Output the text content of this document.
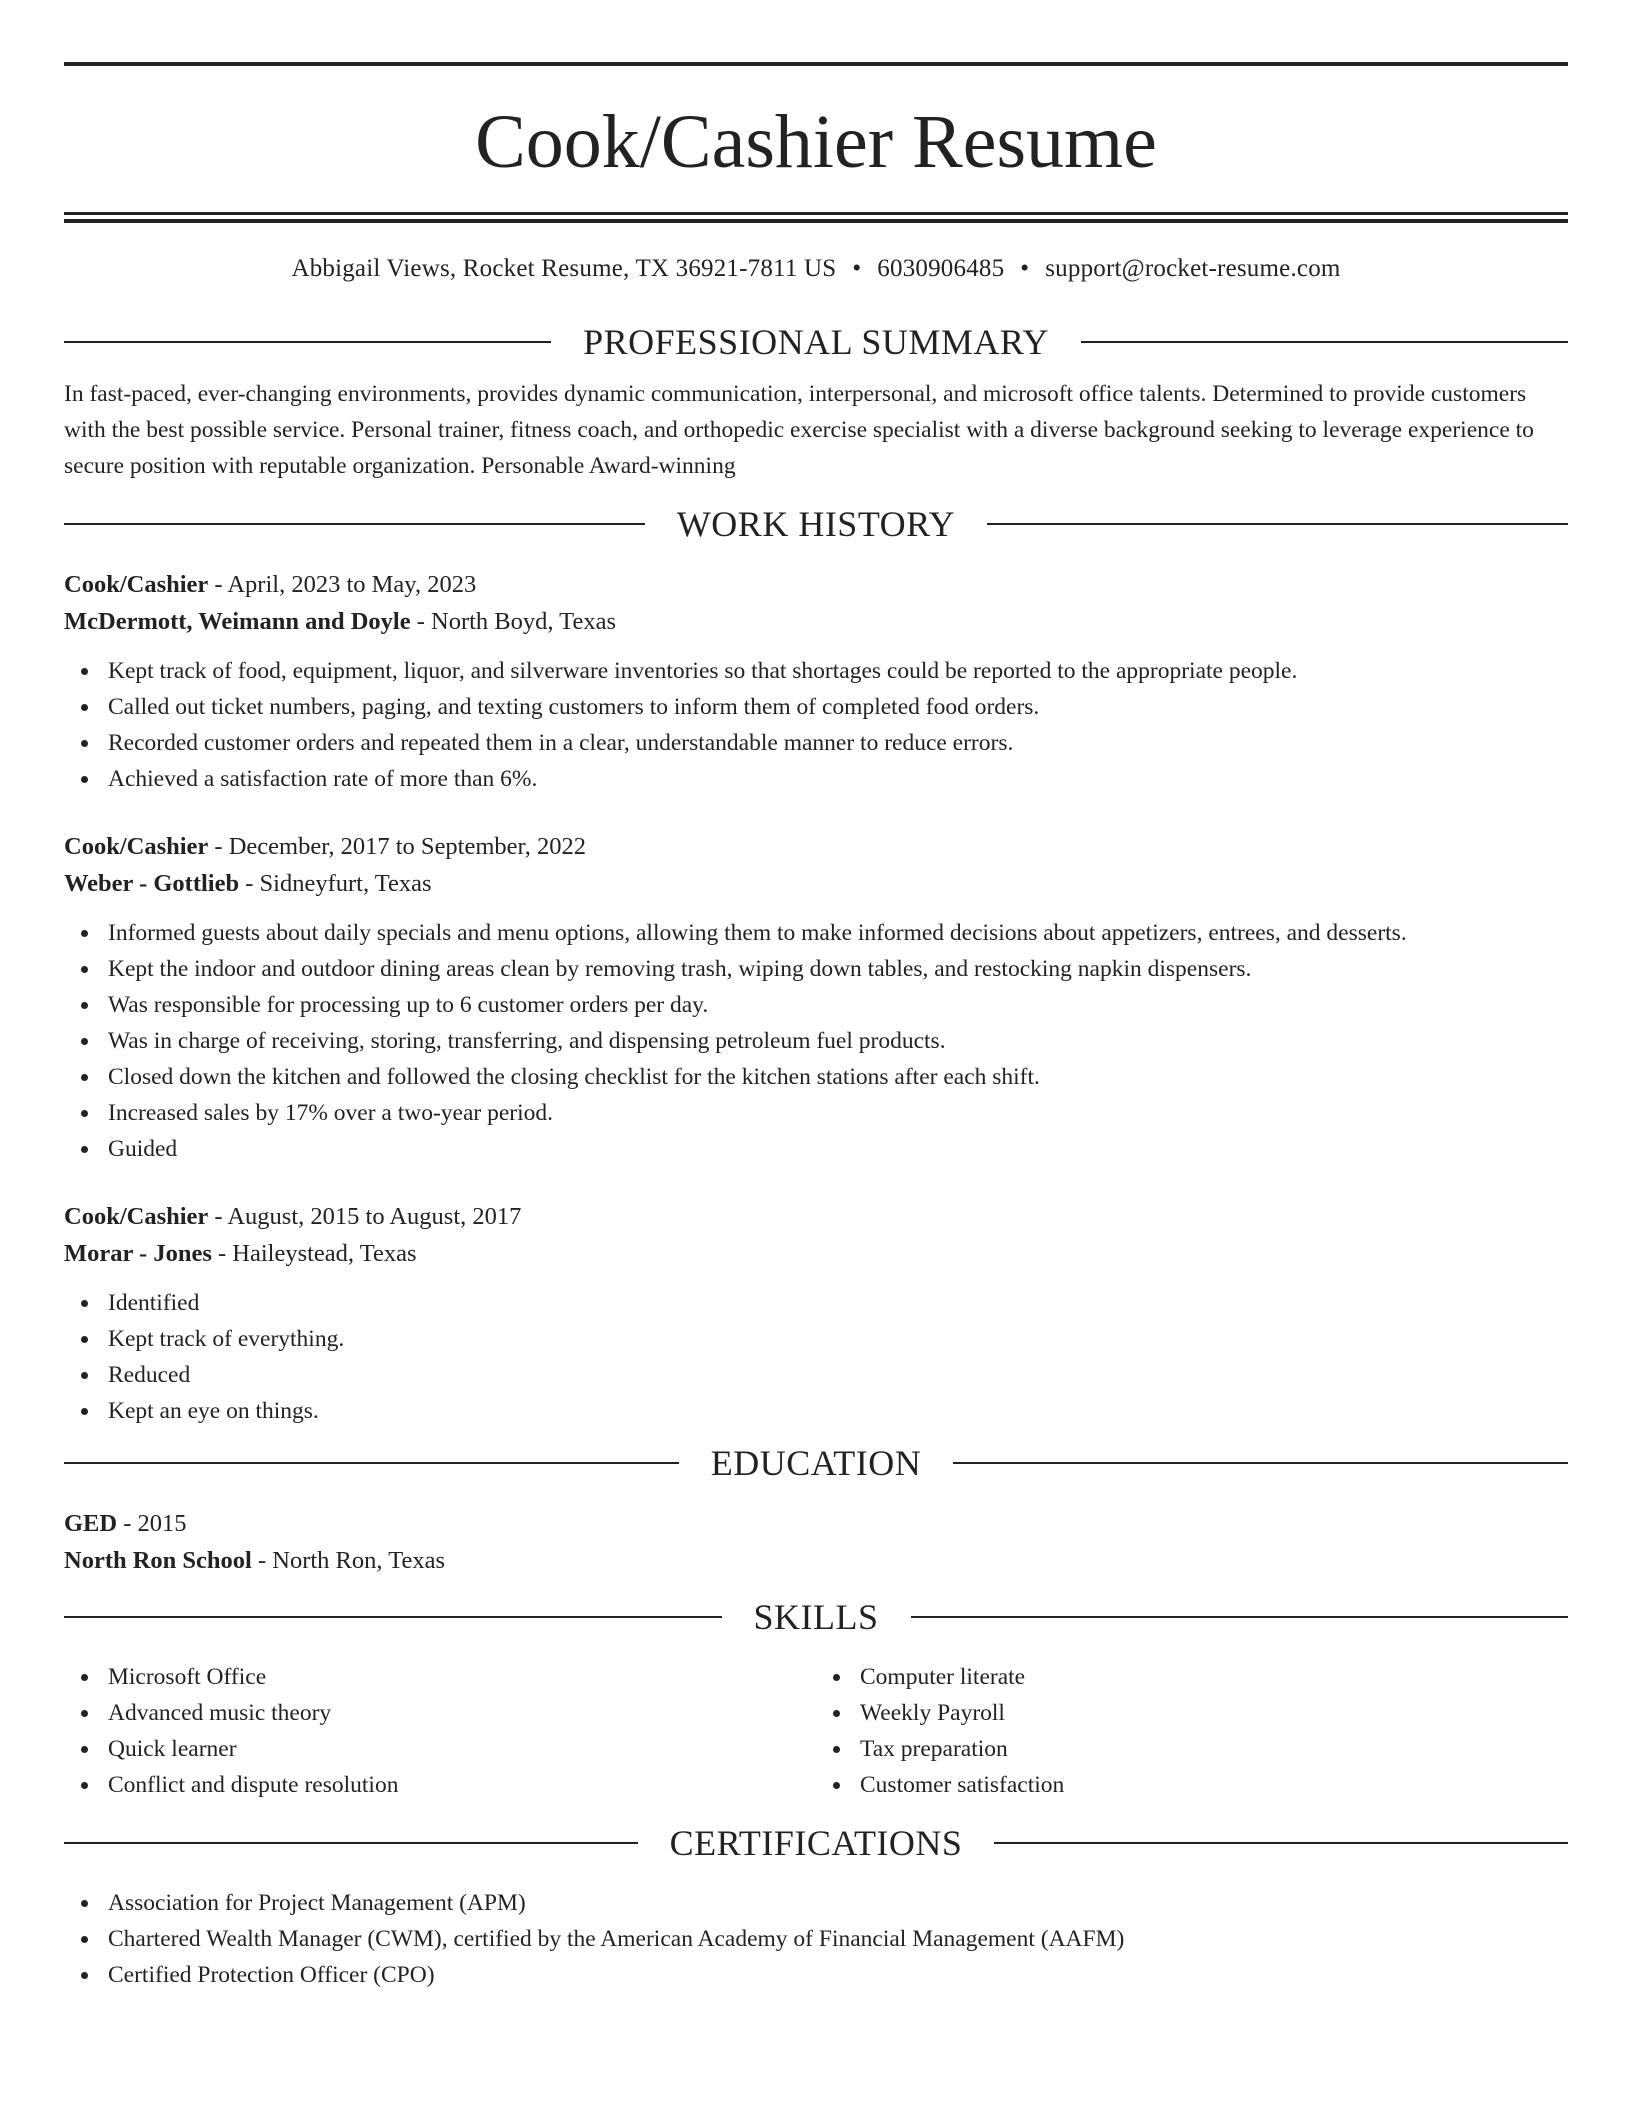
Cook/Cashier Resume
Abbigail Views, Rocket Resume, TX 36921-7811 US • 6030906485 • support@rocket-resume.com
PROFESSIONAL SUMMARY

In fast-paced, ever-changing environments, provides dynamic communication, interpersonal, and microsoft office talents. Determined to provide customers with the best possible service. Personal trainer, fitness coach, and orthopedic exercise specialist with a diverse background seeking to leverage experience to secure position with reputable organization. Personable Award-winning

WORK HISTORY
Cook/Cashier - April, 2023 to May, 2023
McDermott, Weimann and Doyle - North Boyd, Texas
Kept track of food, equipment, liquor, and silverware inventories so that shortages could be reported to the appropriate people.
Called out ticket numbers, paging, and texting customers to inform them of completed food orders.
Recorded customer orders and repeated them in a clear, understandable manner to reduce errors.
Achieved a satisfaction rate of more than 6%.
Cook/Cashier - December, 2017 to September, 2022
Weber - Gottlieb - Sidneyfurt, Texas
Informed guests about daily specials and menu options, allowing them to make informed decisions about appetizers, entrees, and desserts.
Kept the indoor and outdoor dining areas clean by removing trash, wiping down tables, and restocking napkin dispensers.
Was responsible for processing up to 6 customer orders per day.
Was in charge of receiving, storing, transferring, and dispensing petroleum fuel products.
Closed down the kitchen and followed the closing checklist for the kitchen stations after each shift.
Increased sales by 17% over a two-year period.
Guided
Cook/Cashier - August, 2015 to August, 2017
Morar - Jones - Haileystead, Texas
Identified
Kept track of everything.
Reduced
Kept an eye on things.
EDUCATION
GED - 2015
North Ron School - North Ron, Texas
SKILLS
Microsoft Office
Advanced music theory
Quick learner
Conflict and dispute resolution
Computer literate
Weekly Payroll
Tax preparation
Customer satisfaction
CERTIFICATIONS
Association for Project Management (APM)
Chartered Wealth Manager (CWM), certified by the American Academy of Financial Management (AAFM)
Certified Protection Officer (CPO)
